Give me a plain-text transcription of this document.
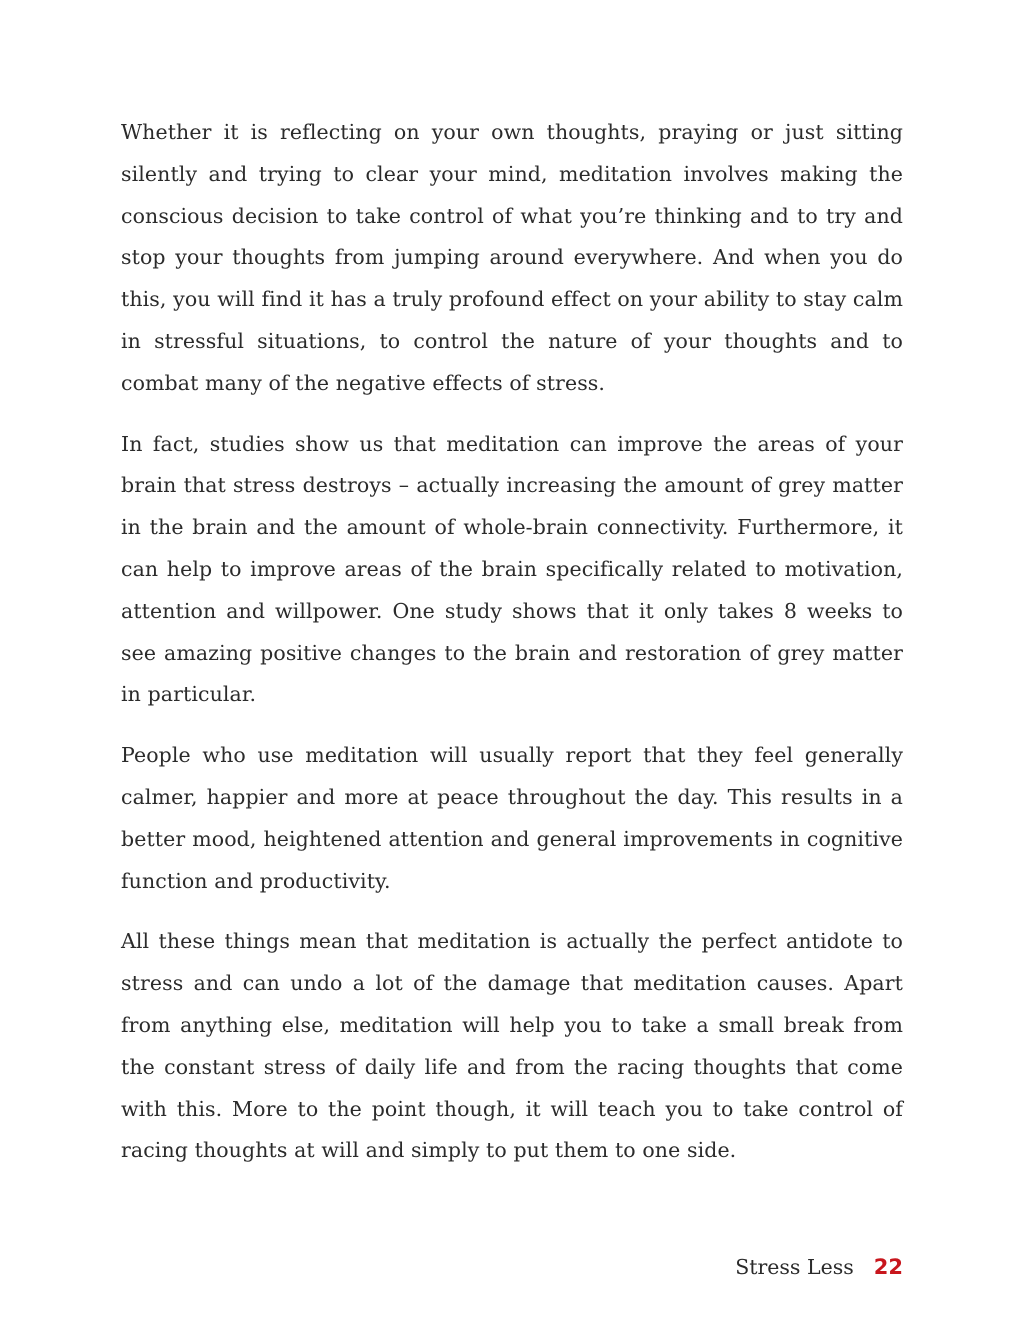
Whether it is reflecting on your own thoughts, praying or just sitting silently and trying to clear your mind, meditation involves making the conscious decision to take control of what you’re thinking and to try and stop your thoughts from jumping around everywhere. And when you do this, you will find it has a truly profound effect on your ability to stay calm in stressful situations, to control the nature of your thoughts and to combat many of the negative effects of stress.

In fact, studies show us that meditation can improve the areas of your brain that stress destroys – actually increasing the amount of grey matter in the brain and the amount of whole-brain connectivity. Furthermore, it can help to improve areas of the brain specifically related to motivation, attention and willpower. One study shows that it only takes 8 weeks to see amazing positive changes to the brain and restoration of grey matter in particular.

People who use meditation will usually report that they feel generally calmer, happier and more at peace throughout the day. This results in a better mood, heightened attention and general improvements in cognitive function and productivity.

All these things mean that meditation is actually the perfect antidote to stress and can undo a lot of the damage that meditation causes. Apart from anything else, meditation will help you to take a small break from the constant stress of daily life and from the racing thoughts that come with this. More to the point though, it will teach you to take control of racing thoughts at will and simply to put them to one side.

Stress Less 22
